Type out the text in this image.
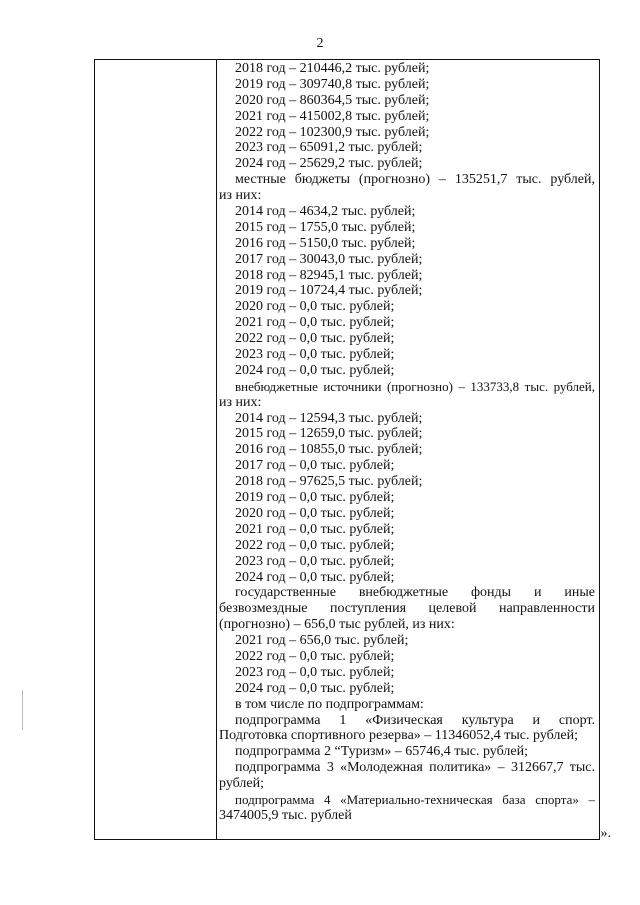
2
2018 год – 210446,2 тыс. рублей;
2019 год – 309740,8 тыс. рублей;
2020 год – 860364,5 тыс. рублей;
2021 год – 415002,8 тыс. рублей;
2022 год – 102300,9 тыс. рублей;
2023 год – 65091,2 тыс. рублей;
2024 год – 25629,2 тыс. рублей;
местные бюджеты (прогнозно) – 135251,7 тыс. рублей,
из них:
2014 год – 4634,2 тыс. рублей;
2015 год – 1755,0 тыс. рублей;
2016 год – 5150,0 тыс. рублей;
2017 год – 30043,0 тыс. рублей;
2018 год – 82945,1 тыс. рублей;
2019 год – 10724,4 тыс. рублей;
2020 год – 0,0 тыс. рублей;
2021 год – 0,0 тыс. рублей;
2022 год – 0,0 тыс. рублей;
2023 год – 0,0 тыс. рублей;
2024 год – 0,0 тыс. рублей;
внебюджетные источники (прогнозно) – 133733,8 тыс. рублей,
из них:
2014 год – 12594,3 тыс. рублей;
2015 год – 12659,0 тыс. рублей;
2016 год – 10855,0 тыс. рублей;
2017 год – 0,0 тыс. рублей;
2018 год – 97625,5 тыс. рублей;
2019 год – 0,0 тыс. рублей;
2020 год – 0,0 тыс. рублей;
2021 год – 0,0 тыс. рублей;
2022 год – 0,0 тыс. рублей;
2023 год – 0,0 тыс. рублей;
2024 год – 0,0 тыс. рублей;
государственные внебюджетные фонды и иные
безвозмездные поступления целевой направленности
(прогнозно) – 656,0 тыс рублей, из них:
2021 год – 656,0 тыс. рублей;
2022 год – 0,0 тыс. рублей;
2023 год – 0,0 тыс. рублей;
2024 год – 0,0 тыс. рублей;
в том числе по подпрограммам:
подпрограмма 1 «Физическая культура и спорт.
Подготовка спортивного резерва» – 11346052,4 тыс. рублей;
подпрограмма 2 “Туризм» – 65746,4 тыс. рублей;
подпрограмма 3 «Молодежная политика» – 312667,7 тыс.
рублей;
подпрограмма 4 «Материально-техническая база спорта» –
3474005,9 тыс. рублей
».
